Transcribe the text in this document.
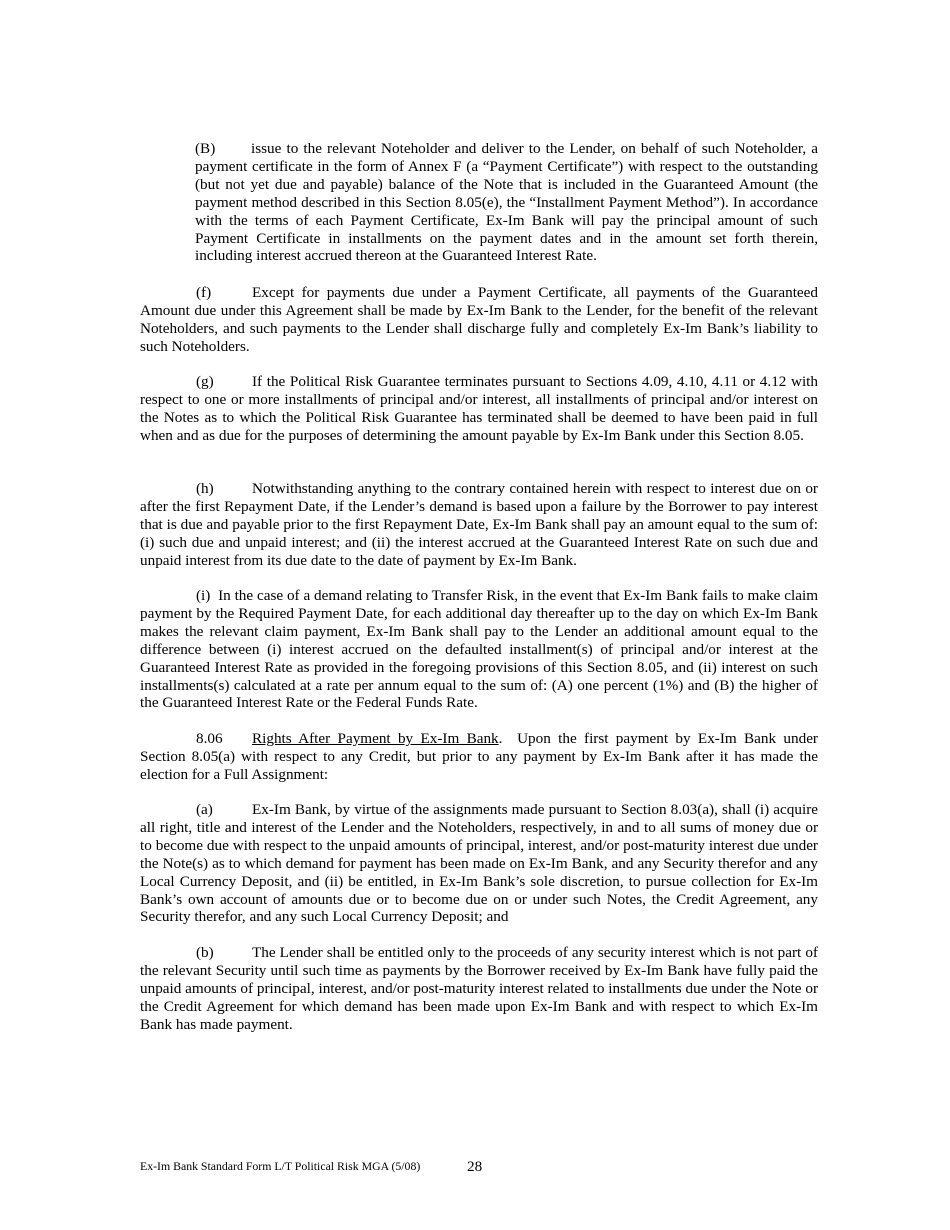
(B) issue to the relevant Noteholder and deliver to the Lender, on behalf of such Noteholder, a payment certificate in the form of Annex F (a “Payment Certificate”) with respect to the outstanding (but not yet due and payable) balance of the Note that is included in the Guaranteed Amount (the payment method described in this Section 8.05(e), the “Installment Payment Method”). In accordance with the terms of each Payment Certificate, Ex-Im Bank will pay the principal amount of such Payment Certificate in installments on the payment dates and in the amount set forth therein, including interest accrued thereon at the Guaranteed Interest Rate.

(f)	Except for payments due under a Payment Certificate, all payments of the Guaranteed Amount due under this Agreement shall be made by Ex-Im Bank to the Lender, for the benefit of the relevant Noteholders, and such payments to the Lender shall discharge fully and completely Ex-Im Bank’s liability to such Noteholders.

(g)	If the Political Risk Guarantee terminates pursuant to Sections 4.09, 4.10, 4.11 or 4.12 with respect to one or more installments of principal and/or interest, all installments of principal and/or interest on the Notes as to which the Political Risk Guarantee has terminated shall be deemed to have been paid in full when and as due for the purposes of determining the amount payable by Ex-Im Bank under this Section 8.05.

(h)	Notwithstanding anything to the contrary contained herein with respect to interest due on or after the first Repayment Date, if the Lender’s demand is based upon a failure by the Borrower to pay interest that is due and payable prior to the first Repayment Date, Ex-Im Bank shall pay an amount equal to the sum of: (i) such due and unpaid interest; and (ii) the interest accrued at the Guaranteed Interest Rate on such due and unpaid interest from its due date to the date of payment by Ex-Im Bank.

(i) In the case of a demand relating to Transfer Risk, in the event that Ex-Im Bank fails to make claim payment by the Required Payment Date, for each additional day thereafter up to the day on which Ex-Im Bank makes the relevant claim payment, Ex-Im Bank shall pay to the Lender an additional amount equal to the difference between (i) interest accrued on the defaulted installment(s) of principal and/or interest at the Guaranteed Interest Rate as provided in the foregoing provisions of this Section 8.05, and (ii) interest on such installments(s) calculated at a rate per annum equal to the sum of: (A) one percent (1%) and (B) the higher of the Guaranteed Interest Rate or the Federal Funds Rate.

8.06 Rights After Payment by Ex-Im Bank.  Upon the first payment by Ex-Im Bank under Section 8.05(a) with respect to any Credit, but prior to any payment by Ex-Im Bank after it has made the election for a Full Assignment:

(a)	Ex-Im Bank, by virtue of the assignments made pursuant to Section 8.03(a), shall (i) acquire all right, title and interest of the Lender and the Noteholders, respectively, in and to all sums of money due or to become due with respect to the unpaid amounts of principal, interest, and/or post-maturity interest due under the Note(s) as to which demand for payment has been made on Ex-Im Bank, and any Security therefor and any Local Currency Deposit, and (ii) be entitled, in Ex-Im Bank’s sole discretion, to pursue collection for Ex-Im Bank’s own account of amounts due or to become due on or under such Notes, the Credit Agreement, any Security therefor, and any such Local Currency Deposit; and

(b)	The Lender shall be entitled only to the proceeds of any security interest which is not part of the relevant Security until such time as payments by the Borrower received by Ex-Im Bank have fully paid the unpaid amounts of principal, interest, and/or post-maturity interest related to installments due under the Note or the Credit Agreement for which demand has been made upon Ex-Im Bank and with respect to which Ex-Im Bank has made payment.

Ex-Im Bank Standard Form L/T Political Risk MGA (5/08)	28
